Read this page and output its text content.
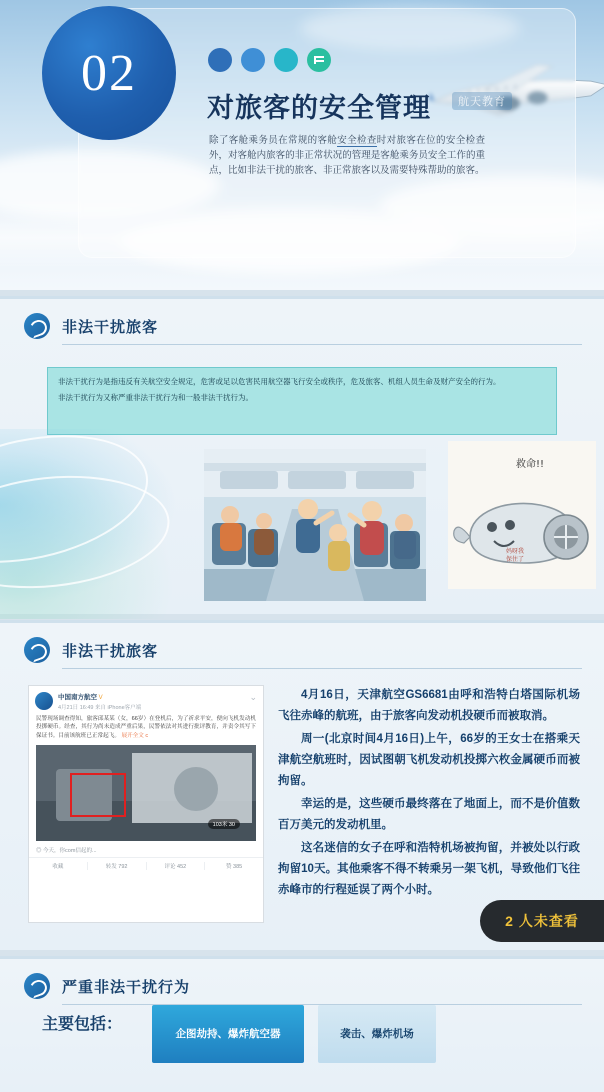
02
对旅客的安全管理
除了客舱乘务员在常规的客舱安全检查时对旅客在位的安全检查外，对客舱内旅客的非正常状况的管理是客舱乘务员安全工作的重点，比如非法干扰的旅客、非正常旅客以及需要特殊帮助的旅客。
航天教育
非法干扰旅客
非法干扰行为是指违反有关航空安全规定，危害或足以危害民用航空器飞行安全或秩序，危及旅客、机组人员生命及财产安全的行为。
非法干扰行为又称严重非法干扰行为和一般非法干扰行为。
救命!!
妈呀我
保住了
非法干扰旅客
中国南方航空 V
4月21日 16:49 来自 iPhone客户端
⌄
民警现场调查得知，旅客邱某某（女，66岁）在登机后，为了祈求平安，便向飞机发动机投掷硬币。经查，其行为尚未造成严重后果，民警依法对其进行批评教育，并责令其写下保证书。目前该航班已正常起飞。 展开全文 c
103米 30
◎ 今天，你com信起的...
收藏	转发 792	评论 452	赞 385

4月16日，天津航空GS6681由呼和浩特白塔国际机场飞往赤峰的航班，由于旅客向发动机投硬币而被取消。

周一(北京时间4月16日)上午，66岁的王女士在搭乘天津航空航班时，因试图朝飞机发动机投掷六枚金属硬币而被拘留。

幸运的是，这些硬币最终落在了地面上，而不是价值数百万美元的发动机里。

这名迷信的女子在呼和浩特机场被拘留，并被处以行政拘留10天。其他乘客不得不转乘另一架飞机，导致他们飞往赤峰市的行程延误了两个小时。

2 人未查看
严重非法干扰行为
主要包括：
企图劫持、爆炸航空器	袭击、爆炸机场
